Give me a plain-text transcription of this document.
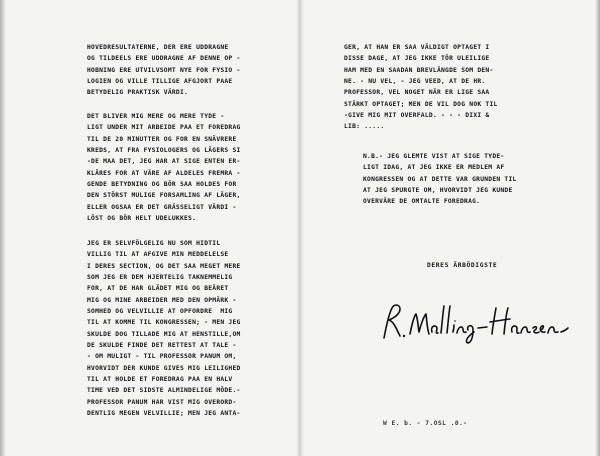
HOVEDRESULTATERNE, DER ERE UDDRAGNE
OG TILDEELS ERE UDDRAGNE AF DENNE OP -
HOBNING ERE UTVILVSOMT NYE FOR FYSIO -
LOGIEN OG VILLE TILLIGE AFGJORT PAAE
BETYDELIG PRAKTISK VÄRDI.

DET BLIVER MIG MERE OG MERE TYDE -
LIGT UNDER MIT ARBEIDE PAA ET FOREDRAG
TIL DE 20 MINUTTER OG FOR EN SNÄVRERE
KREDS, AT FRA FYSIOLOGERS OG LÄGERS SI
-DE MAA DET, JEG HAR AT SIGE ENTEN ER-
KLÄRES FOR AT VÄRE AF ALDELES FREMRA -
GENDE BETYDNING OG BÖR SAA HOLDES FOR
DEN STÖRST MULIGE FORSAMLING AF LÄGER,
ELLER OGSAA ER DET GRÄSSELIGT VÄRDI -
LÖST OG BÖR HELT UDELUKKES.

JEG ER SELVFÖLGELIG NU SOM HIDTIL
VILLIG TIL AT AFGIVE MIN MEDDELELSE
I DERES SECTION, OG DET SAA MEGET MERE
SOM JEG ER DEM HJERTELIG TAKNEMMELIG
FOR, AT DE HAR GLÄDET MIG OG BEÄRET
MIG OG MINE ARBEIDER MED DEN OPMÄRK -
SOMHED OG VELVILLIE AT OPFORDRE  MIG
TIL AT KOMME TIL KONGRESSEN; - MEN JEG
SKULDE DOG TILLADE MIG AT HENSTILLE,OM
DE SKULDE FINDE DET RETTEST AT TALE -
- OM MULIGT - TIL PROFESSOR PANUM OM,
HVORVIDT DER KUNDE GIVES MIG LEILIGHED
TIL AT HOLDE ET FOREDRAG PAA EN HALV
TIME VED DET SIDSTE ALMINDELIGE MÖDE.-
PROFESSOR PANUM HAR VIST MIG OVERORD-
DENTLIG MEGEN VELVILLIE; MEN JEG ANTA-

GER, AT HAN ER SAA VÄLDIGT OPTAGET I
DISSE DAGE, AT JEG IKKE TÖR ULEILIGE
HAM MED EN SAADAN BREVLÄNGDE SOM DEN-
NE. - NU VEL, - JEG VEED, AT DE HR.
PROFESSOR, VEL NOGET NÄR ER LIGE SAA
STÄRKT OPTAGET; MEN DE VIL DOG NOK TIL
-GIVE MIG MIT OVERFALD. - - - DIXI &
LIB: .....

N.B.- JEG GLEMTE VIST AT SIGE TYDE-
LIGT IDAG, AT JEG IKKE ER MEDLEM AF
KONGRESSEN OG AT DETTE VAR GRUNDEN TIL
AT JEG SPURGTE OM, HVORVIDT JEG KUNDE
OVERVÄRE DE OMTALTE FOREDRAG.

DERES ÄRBÖDIGSTE
W E. b. - 7.OSL .0.-
